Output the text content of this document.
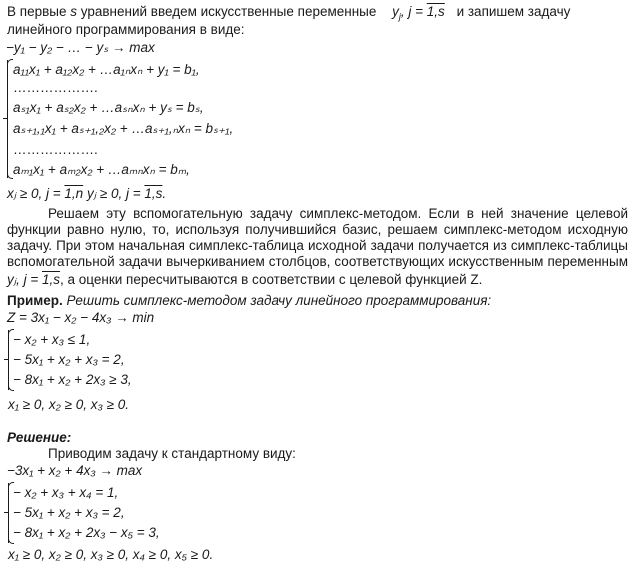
В первые s уравнений введем искусственные переменные $y_j$, j = 1,s и запишем задачу
линейного программирования в виде:
−y₁ − y₂ − … − yₛ → max
a₁₁x₁ + a₁₂x₂ + …a₁ₙxₙ + y₁ = b₁,
……………….
aₛ₁x₁ + aₛ₂x₂ + …aₛₙxₙ + yₛ = bₛ,
aₛ₊₁,₁x₁ + aₛ₊₁,₂x₂ + …aₛ₊₁,ₙxₙ = bₛ₊₁,
……………….
aₘ₁x₁ + aₘ₂x₂ + …aₘₙxₙ = bₘ,
xⱼ ≥ 0, j = 1,n yⱼ ≥ 0, j = 1,s.
Решаем эту вспомогательную задачу симплекс-методом. Если в ней значение целевой
функции равно нулю, то, используя получившийся базис, решаем симплекс-методом исходную
задачу. При этом начальная симплекс-таблица исходной задачи получается из симплекс-таблицы
вспомогательной задачи вычеркиванием столбцов, соответствующих искусственным переменным
yⱼ, j = 1,s, а оценки пересчитываются в соответствии с целевой функцией Z.
Пример. Решить симплекс-методом задачу линейного программирования:
Z = 3x₁ − x₂ − 4x₃ → min
− x₂ + x₃ ≤ 1,
− 5x₁ + x₂ + x₃ = 2,
− 8x₁ + x₂ + 2x₃ ≥ 3,
x₁ ≥ 0, x₂ ≥ 0, x₃ ≥ 0.
Решение:
Приводим задачу к стандартному виду:
−3x₁ + x₂ + 4x₃ → max
− x₂ + x₃ + x₄ = 1,
− 5x₁ + x₂ + x₃ = 2,
− 8x₁ + x₂ + 2x₃ − x₅ = 3,
x₁ ≥ 0, x₂ ≥ 0, x₃ ≥ 0, x₄ ≥ 0, x₅ ≥ 0.
